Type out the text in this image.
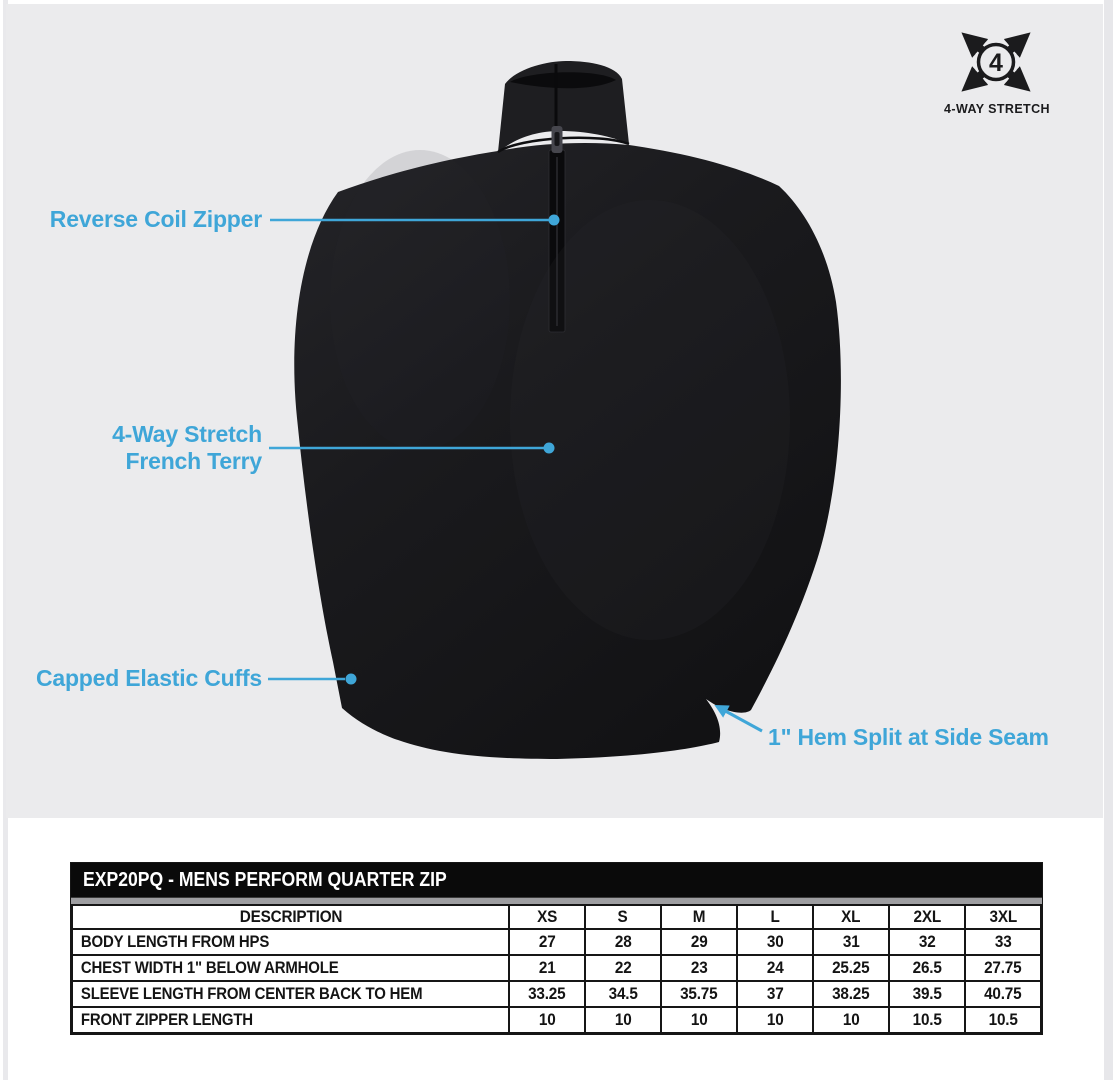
4
Reverse Coil Zipper
4-Way Stretch
French Terry
Capped Elastic Cuffs
1" Hem Split at Side Seam
4-WAY STRETCH
EXP20PQ - MENS PERFORM QUARTER ZIP
DESCRIPTION	XS	S	M	L	XL	2XL	3XL
BODY LENGTH FROM HPS	27	28	29	30	31	32	33
CHEST WIDTH 1" BELOW ARMHOLE	21	22	23	24	25.25	26.5	27.75
SLEEVE LENGTH FROM CENTER BACK TO HEM	33.25	34.5	35.75	37	38.25	39.5	40.75
FRONT ZIPPER LENGTH	10	10	10	10	10	10.5	10.5
